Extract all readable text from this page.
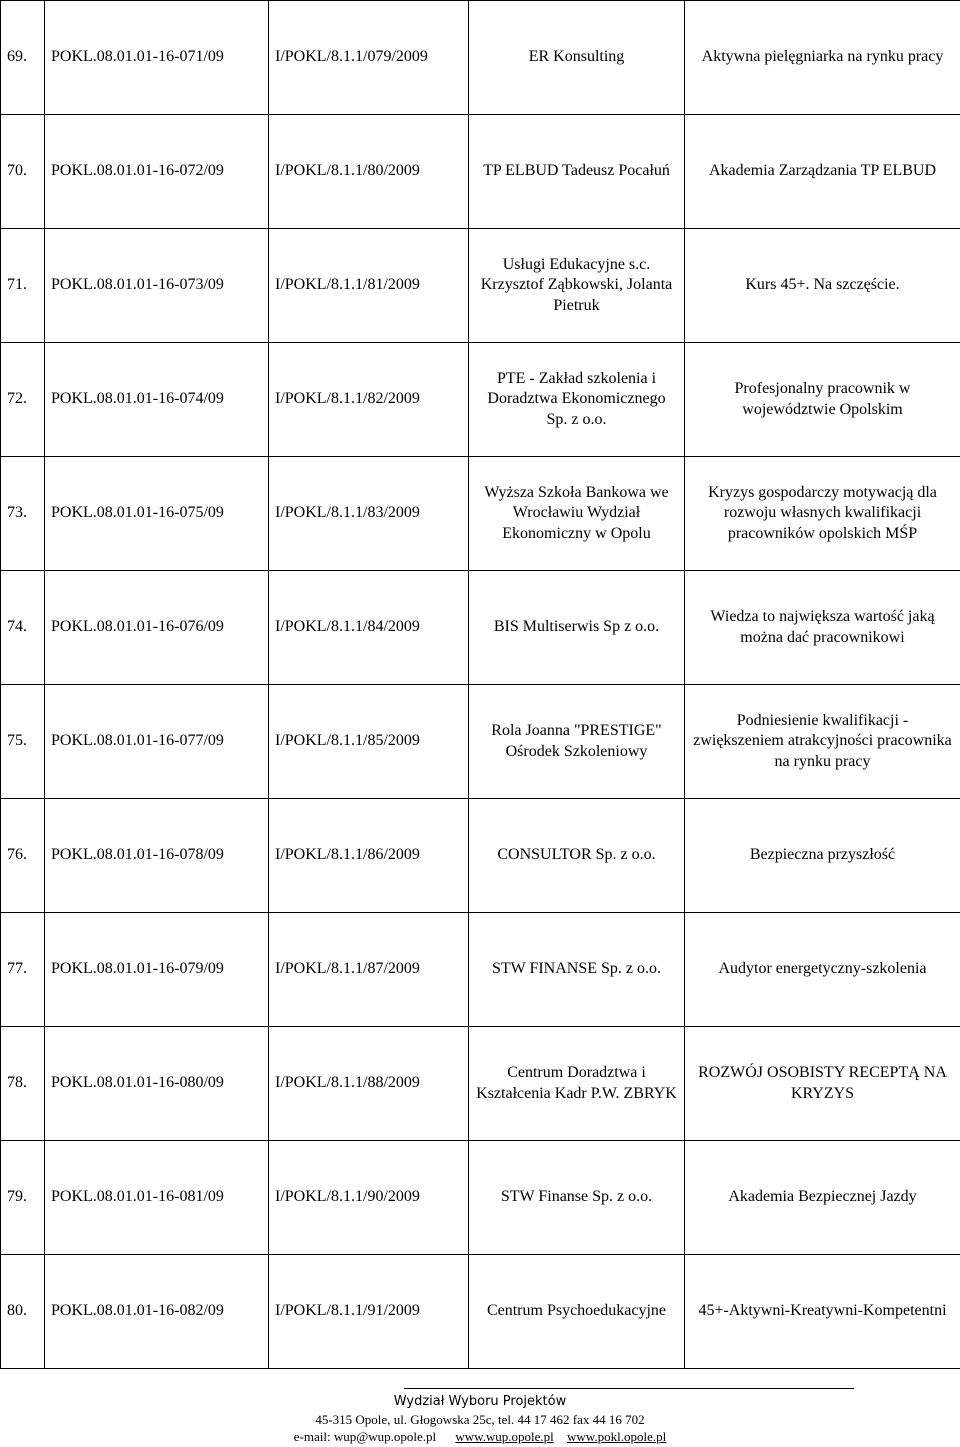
69.	POKL.08.01.01-16-071/09	I/POKL/8.1.1/079/2009	ER Konsulting	Aktywna pielęgniarka na rynku pracy
70.	POKL.08.01.01-16-072/09	I/POKL/8.1.1/80/2009	TP ELBUD Tadeusz Pocałuń	Akademia Zarządzania TP ELBUD
71.	POKL.08.01.01-16-073/09	I/POKL/8.1.1/81/2009	Usługi Edukacyjne s.c. Krzysztof Ząbkowski, Jolanta Pietruk	Kurs 45+. Na szczęście.
72.	POKL.08.01.01-16-074/09	I/POKL/8.1.1/82/2009	PTE - Zakład szkolenia i Doradztwa Ekonomicznego Sp. z o.o.	Profesjonalny pracownik w województwie Opolskim
73.	POKL.08.01.01-16-075/09	I/POKL/8.1.1/83/2009	Wyższa Szkoła Bankowa we Wrocławiu Wydział Ekonomiczny w Opolu	Kryzys gospodarczy motywacją dla rozwoju własnych kwalifikacji pracowników opolskich MŚP
74.	POKL.08.01.01-16-076/09	I/POKL/8.1.1/84/2009	BIS Multiserwis Sp z o.o.	Wiedza to największa wartość jaką można dać pracownikowi
75.	POKL.08.01.01-16-077/09	I/POKL/8.1.1/85/2009	Rola Joanna "PRESTIGE" Ośrodek Szkoleniowy	Podniesienie kwalifikacji - zwiększeniem atrakcyjności pracownika na rynku pracy
76.	POKL.08.01.01-16-078/09	I/POKL/8.1.1/86/2009	CONSULTOR Sp. z o.o.	Bezpieczna przyszłość
77.	POKL.08.01.01-16-079/09	I/POKL/8.1.1/87/2009	STW FINANSE Sp. z o.o.	Audytor energetyczny-szkolenia
78.	POKL.08.01.01-16-080/09	I/POKL/8.1.1/88/2009	Centrum Doradztwa i Kształcenia Kadr P.W. ZBRYK	ROZWÓJ OSOBISTY RECEPTĄ NA KRYZYS
79.	POKL.08.01.01-16-081/09	I/POKL/8.1.1/90/2009	STW Finanse Sp. z o.o.	Akademia Bezpiecznej Jazdy
80.	POKL.08.01.01-16-082/09	I/POKL/8.1.1/91/2009	Centrum Psychoedukacyjne	45+-Aktywni-Kreatywni-Kompetentni
Wydział Wyboru Projektów
45-315 Opole, ul. Głogowska 25c, tel. 44 17 462 fax 44 16 702
e-mail: wup@wup.opole.pl www.wup.opole.pl www.pokl.opole.pl
